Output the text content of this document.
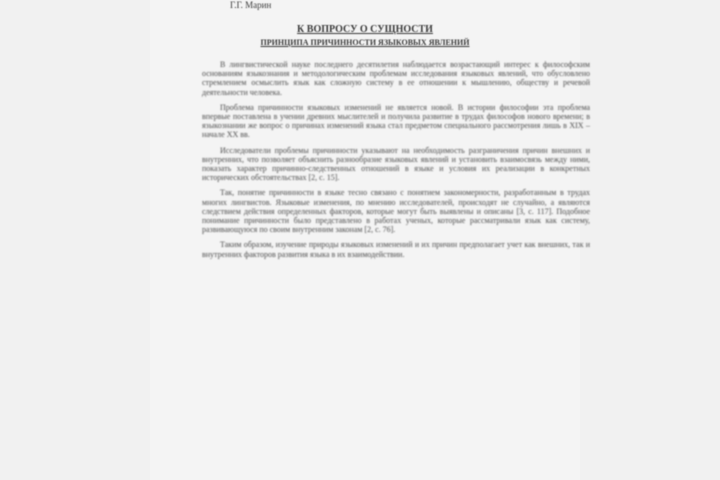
Г.Г. Марин
К ВОПРОСУ О СУЩНОСТИ
ПРИНЦИПА ПРИЧИННОСТИ ЯЗЫКОВЫХ ЯВЛЕНИЙ

В лингвистической науке последнего десятилетия наблюдается возрастающий интерес к философским основаниям языкознания и методологическим проблемам исследования языковых явлений, что обусловлено стремлением осмыслить язык как сложную систему в ее отношении к мышлению, обществу и речевой деятельности человека.

Проблема причинности языковых изменений не является новой. В истории философии эта проблема впервые поставлена в учении древних мыслителей и получила развитие в трудах философов нового времени; в языкознании же вопрос о причинах изменений языка стал предметом специального рассмотрения лишь в XIX – начале XX вв.

Исследователи проблемы причинности указывают на необходимость разграничения причин внешних и внутренних, что позволяет объяснить разнообразие языковых явлений и установить взаимосвязь между ними, показать характер причинно-следственных отношений в языке и условия их реализации в конкретных исторических обстоятельствах [2, с. 15].

Так, понятие причинности в языке тесно связано с понятием закономерности, разработанным в трудах многих лингвистов. Языковые изменения, по мнению исследователей, происходят не случайно, а являются следствием действия определенных факторов, которые могут быть выявлены и описаны [3, с. 117]. Подобное понимание причинности было представлено в работах ученых, которые рассматривали язык как систему, развивающуюся по своим внутренним законам [2, с. 76].

Таким образом, изучение природы языковых изменений и их причин предполагает учет как внешних, так и внутренних факторов развития языка в их взаимодействии.
